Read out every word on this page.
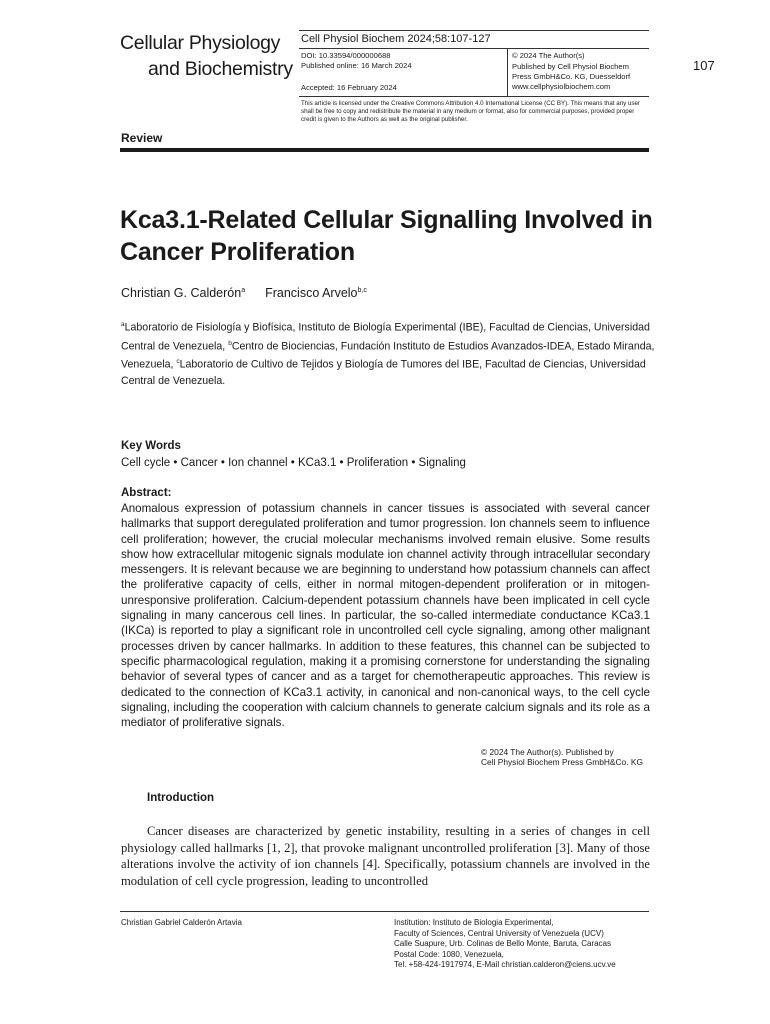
Cellular Physiology
and Biochemistry
Cell Physiol Biochem 2024;58:107-127
DOI: 10.33594/000000688
Published online: 16 March 2024
Accepted: 16 February 2024
© 2024 The Author(s)
Published by Cell Physiol Biochem
Press GmbH&Co. KG, Duesseldorf
www.cellphysiolbiochem.com
107
This article is licensed under the Creative Commons Attribution 4.0 International License (CC BY). This means that any user shall be free to copy and redistribute the material in any medium or format, also for commercial purposes, provided proper credit is given to the Authors as well as the original publisher.
Review
Kca3.1-Related Cellular Signalling Involved in Cancer Proliferation
Christian G. Calderón$^a$ Francisco Arvelo$^{b,c}$
$^a$Laboratorio de Fisiología y Biofísica, Instituto de Biología Experimental (IBE), Facultad de Ciencias, Universidad Central de Venezuela, $^b$Centro de Biociencias, Fundación Instituto de Estudios Avanzados-IDEA, Estado Miranda, Venezuela, $^c$Laboratorio de Cultivo de Tejidos y Biología de Tumores del IBE, Facultad de Ciencias, Universidad Central de Venezuela.
Key Words
Cell cycle • Cancer • Ion channel • KCa3.1 • Proliferation • Signaling
Abstract:
Anomalous expression of potassium channels in cancer tissues is associated with several cancer hallmarks that support deregulated proliferation and tumor progression. Ion channels seem to influence cell proliferation; however, the crucial molecular mechanisms involved remain elusive. Some results show how extracellular mitogenic signals modulate ion channel activity through intracellular secondary messengers. It is relevant because we are beginning to understand how potassium channels can affect the proliferative capacity of cells, either in normal mitogen-dependent proliferation or in mitogen-unresponsive proliferation. Calcium-dependent potassium channels have been implicated in cell cycle signaling in many cancerous cell lines. In particular, the so-called intermediate conductance KCa3.1 (IKCa) is reported to play a significant role in uncontrolled cell cycle signaling, among other malignant processes driven by cancer hallmarks. In addition to these features, this channel can be subjected to specific pharmacological regulation, making it a promising cornerstone for understanding the signaling behavior of several types of cancer and as a target for chemotherapeutic approaches. This review is dedicated to the connection of KCa3.1 activity, in canonical and non-canonical ways, to the cell cycle signaling, including the cooperation with calcium channels to generate calcium signals and its role as a mediator of proliferative signals.
© 2024 The Author(s). Published by
Cell Physiol Biochem Press GmbH&Co. KG
Introduction
Cancer diseases are characterized by genetic instability, resulting in a series of changes in cell physiology called hallmarks [1, 2], that provoke malignant uncontrolled proliferation [3]. Many of those alterations involve the activity of ion channels [4]. Specifically, potassium channels are involved in the modulation of cell cycle progression, leading to uncontrolled
Christian Gabriel Calderón Artavia	Institution: Instituto de Biologia Experimental,
Faculty of Sciences, Central University of Venezuela (UCV)
Calle Suapure, Urb. Colinas de Bello Monte, Baruta, Caracas
Postal Code: 1080, Venezuela,
Tel. +58-424-1917974, E-Mail christian.calderon@ciens.ucv.ve
